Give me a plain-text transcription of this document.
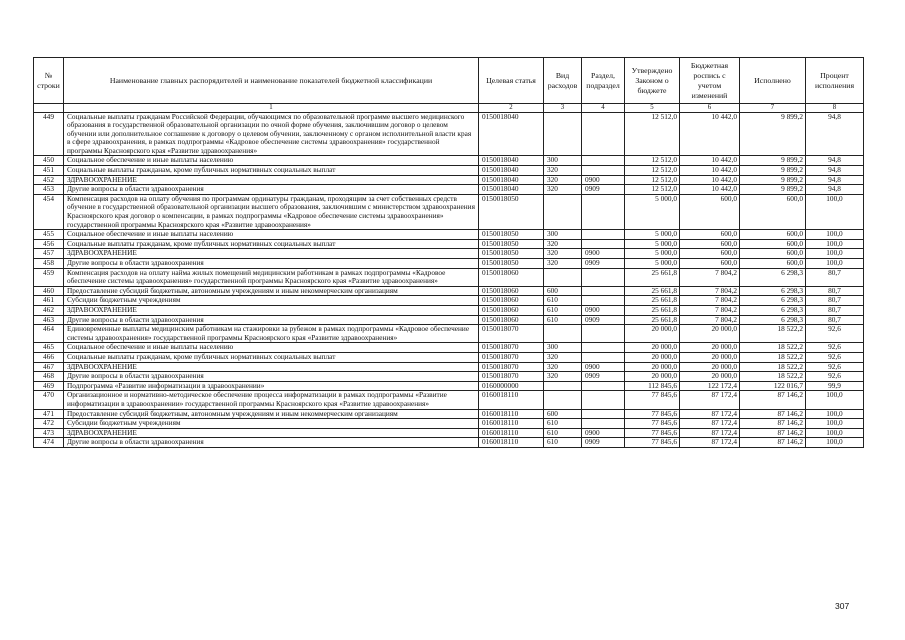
№ строки	Наименование главных распорядителей и наименование показателей бюджетной классификации	Целевая статья	Вид расходов	Раздел, подраздел	Утверждено Законом о бюджете	Бюджетная роспись с учетом изменений	Исполнено	Процент исполнения
	1	2	3	4	5	6	7	8
449	Социальные выплаты гражданам Российской Федерации, обучающимся по образовательной программе высшего медицинского образования в государственной образовательной организации по очной форме обучения, заключившим договор о целевом обучении или дополнительное соглашение к договору о целевом обучении, заключенному с органом исполнительной власти края в сфере здравоохранения, в рамках подпрограммы «Кадровое обеспечение системы здравоохранения» государственной программы Красноярского края «Развитие здравоохранения»	0150018040			12 512,0	10 442,0	9 899,2	94,8
450	Социальное обеспечение и иные выплаты населению	0150018040	300		12 512,0	10 442,0	9 899,2	94,8
451	Социальные выплаты гражданам, кроме публичных нормативных социальных выплат	0150018040	320		12 512,0	10 442,0	9 899,2	94,8
452	ЗДРАВООХРАНЕНИЕ	0150018040	320	0900	12 512,0	10 442,0	9 899,2	94,8
453	Другие вопросы в области здравоохранения	0150018040	320	0909	12 512,0	10 442,0	9 899,2	94,8
454	Компенсация расходов на оплату обучения по программам ординатуры гражданам, проходящим за счет собственных средств обучение в государственной образовательной организации высшего образования, заключившим с министерством здравоохранения Красноярского края договор о компенсации, в рамках подпрограммы «Кадровое обеспечение системы здравоохранения» государственной программы Красноярского края «Развитие здравоохранения»	0150018050			5 000,0	600,0	600,0	100,0
455	Социальное обеспечение и иные выплаты населению	0150018050	300		5 000,0	600,0	600,0	100,0
456	Социальные выплаты гражданам, кроме публичных нормативных социальных выплат	0150018050	320		5 000,0	600,0	600,0	100,0
457	ЗДРАВООХРАНЕНИЕ	0150018050	320	0900	5 000,0	600,0	600,0	100,0
458	Другие вопросы в области здравоохранения	0150018050	320	0909	5 000,0	600,0	600,0	100,0
459	Компенсация расходов на оплату найма жилых помещений медицинским работникам в рамках подпрограммы «Кадровое обеспечение системы здравоохранения» государственной программы Красноярского края «Развитие здравоохранения»	0150018060			25 661,8	7 804,2	6 298,3	80,7
460	Предоставление субсидий бюджетным, автономным учреждениям и иным некоммерческим организациям	0150018060	600		25 661,8	7 804,2	6 298,3	80,7
461	Субсидии бюджетным учреждениям	0150018060	610		25 661,8	7 804,2	6 298,3	80,7
462	ЗДРАВООХРАНЕНИЕ	0150018060	610	0900	25 661,8	7 804,2	6 298,3	80,7
463	Другие вопросы в области здравоохранения	0150018060	610	0909	25 661,8	7 804,2	6 298,3	80,7
464	Единовременные выплаты медицинским работникам на стажировки за рубежом в рамках подпрограммы «Кадровое обеспечение системы здравоохранения» государственной программы Красноярского края «Развитие здравоохранения»	0150018070			20 000,0	20 000,0	18 522,2	92,6
465	Социальное обеспечение и иные выплаты населению	0150018070	300		20 000,0	20 000,0	18 522,2	92,6
466	Социальные выплаты гражданам, кроме публичных нормативных социальных выплат	0150018070	320		20 000,0	20 000,0	18 522,2	92,6
467	ЗДРАВООХРАНЕНИЕ	0150018070	320	0900	20 000,0	20 000,0	18 522,2	92,6
468	Другие вопросы в области здравоохранения	0150018070	320	0909	20 000,0	20 000,0	18 522,2	92,6
469	Подпрограмма «Развитие информатизации в здравоохранении»	0160000000			112 845,6	122 172,4	122 016,7	99,9
470	Организационное и нормативно-методическое обеспечение процесса информатизации в рамках подпрограммы «Развитие информатизации в здравоохранении» государственной программы Красноярского края «Развитие здравоохранения»	0160018110			77 845,6	87 172,4	87 146,2	100,0
471	Предоставление субсидий бюджетным, автономным учреждениям и иным некоммерческим организациям	0160018110	600		77 845,6	87 172,4	87 146,2	100,0
472	Субсидии бюджетным учреждениям	0160018110	610		77 845,6	87 172,4	87 146,2	100,0
473	ЗДРАВООХРАНЕНИЕ	0160018110	610	0900	77 845,6	87 172,4	87 146,2	100,0
474	Другие вопросы в области здравоохранения	0160018110	610	0909	77 845,6	87 172,4	87 146,2	100,0
307
